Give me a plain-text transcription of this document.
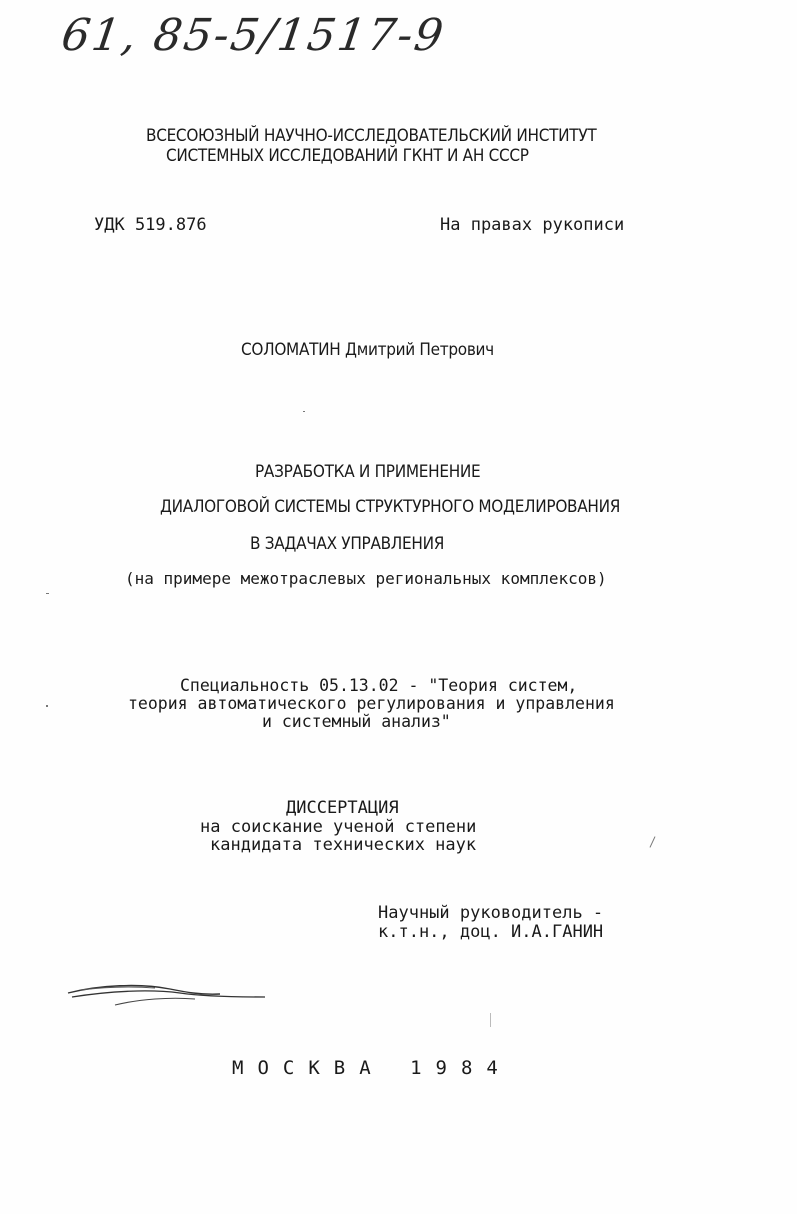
61, 85-5/1517-9
ВСЕСОЮЗНЫЙ НАУЧНО-ИССЛЕДОВАТЕЛЬСКИЙ ИНСТИТУТ
СИСТЕМНЫХ ИССЛЕДОВАНИЙ ГКНТ И АН СССР
УДК 519.876	На правах рукописи
СОЛОМАТИН Дмитрий Петрович
РАЗРАБОТКА И ПРИМЕНЕНИЕ
ДИАЛОГОВОЙ СИСТЕМЫ СТРУКТУРНОГО МОДЕЛИРОВАНИЯ
В ЗАДАЧАХ УПРАВЛЕНИЯ
(на примере межотраслевых региональных комплексов)
Специальность 05.13.02 - "Теория систем,
теория автоматического регулирования и управления
и системный анализ"
ДИССЕРТАЦИЯ
на соискание ученой степени
кандидата технических наук
Научный руководитель -
к.т.н., доц. И.А.ГАНИН
МОСКВА 1984
